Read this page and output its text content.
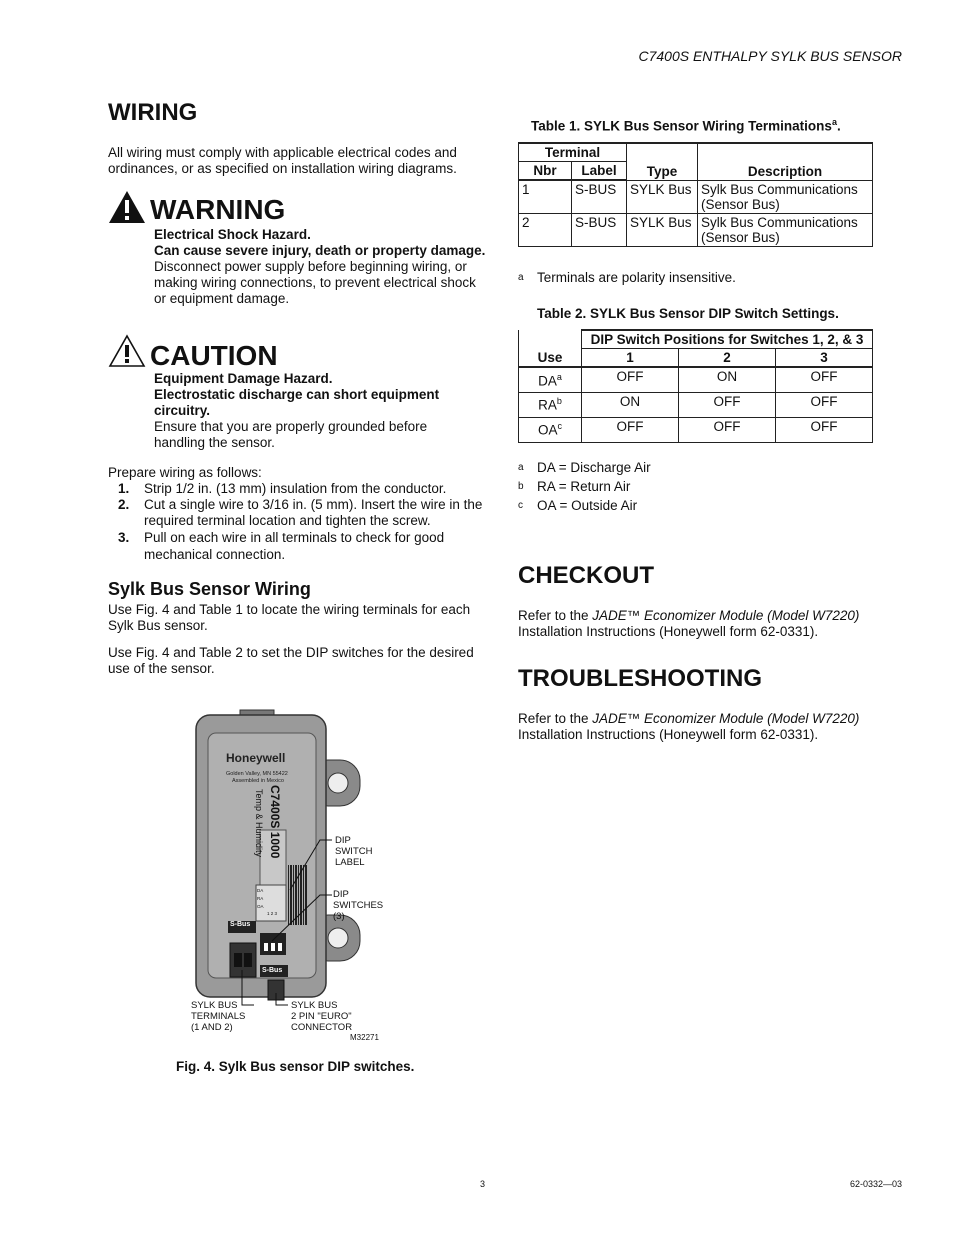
C7400S ENTHALPY SYLK BUS SENSOR
WIRING

All wiring must comply with applicable electrical codes and ordinances, or as specified on installation wiring diagrams.

WARNING

Electrical Shock Hazard.

Can cause severe injury, death or property damage.

Disconnect power supply before beginning wiring, or making wiring connections, to prevent electrical shock or equipment damage.

CAUTION

Equipment Damage Hazard.

Electrostatic discharge can short equipment circuitry.

Ensure that you are properly grounded before handling the sensor.

Prepare wiring as follows:

1. Strip 1/2 in. (13 mm) insulation from the conductor.
2. Cut a single wire to 3/16 in. (5 mm). Insert the wire in the required terminal location and tighten the screw.
3. Pull on each wire in all terminals to check for good mechanical connection.
Sylk Bus Sensor Wiring

Use Fig. 4 and Table 1 to locate the wiring terminals for each Sylk Bus sensor.

Use Fig. 4 and Table 2 to set the DIP switches for the desired use of the sensor.

Honeywell
Golden Valley, MN 55422
Assembled in Mexico
C7400S 1000
Temp & Humidity
S-Bus
S-Bus
DA
RA
OA
1 2 3
DIP
SWITCH
LABEL
DIP
SWITCHES
(3)
SYLK BUS
TERMINALS
(1 AND 2)
SYLK BUS
2 PIN "EURO"
CONNECTOR
M32271
Fig. 4. Sylk Bus sensor DIP switches.
Table 1. SYLK Bus Sensor Wiring Terminations$^a$.
Terminal		Type	Description
Nbr	Label		
1	S-BUS	SYLK Bus	Sylk Bus Communications (Sensor Bus)
2	S-BUS	SYLK Bus	Sylk Bus Communications (Sensor Bus)
a Terminals are polarity insensitive.
Table 2. SYLK Bus Sensor DIP Switch Settings.
Use	DIP Switch Positions for Switches 1, 2, & 3		
	1	2	3
$DA^a$	OFF	ON	OFF
$RA^b$	ON	OFF	OFF
$OA^c$	OFF	OFF	OFF
a DA = Discharge Air
b RA = Return Air
c OA = Outside Air
CHECKOUT

Refer to the JADE™ Economizer Module (Model W7220) Installation Instructions (Honeywell form 62-0331).

TROUBLESHOOTING

Refer to the JADE™ Economizer Module (Model W7220) Installation Instructions (Honeywell form 62-0331).

3	62-0332—03
